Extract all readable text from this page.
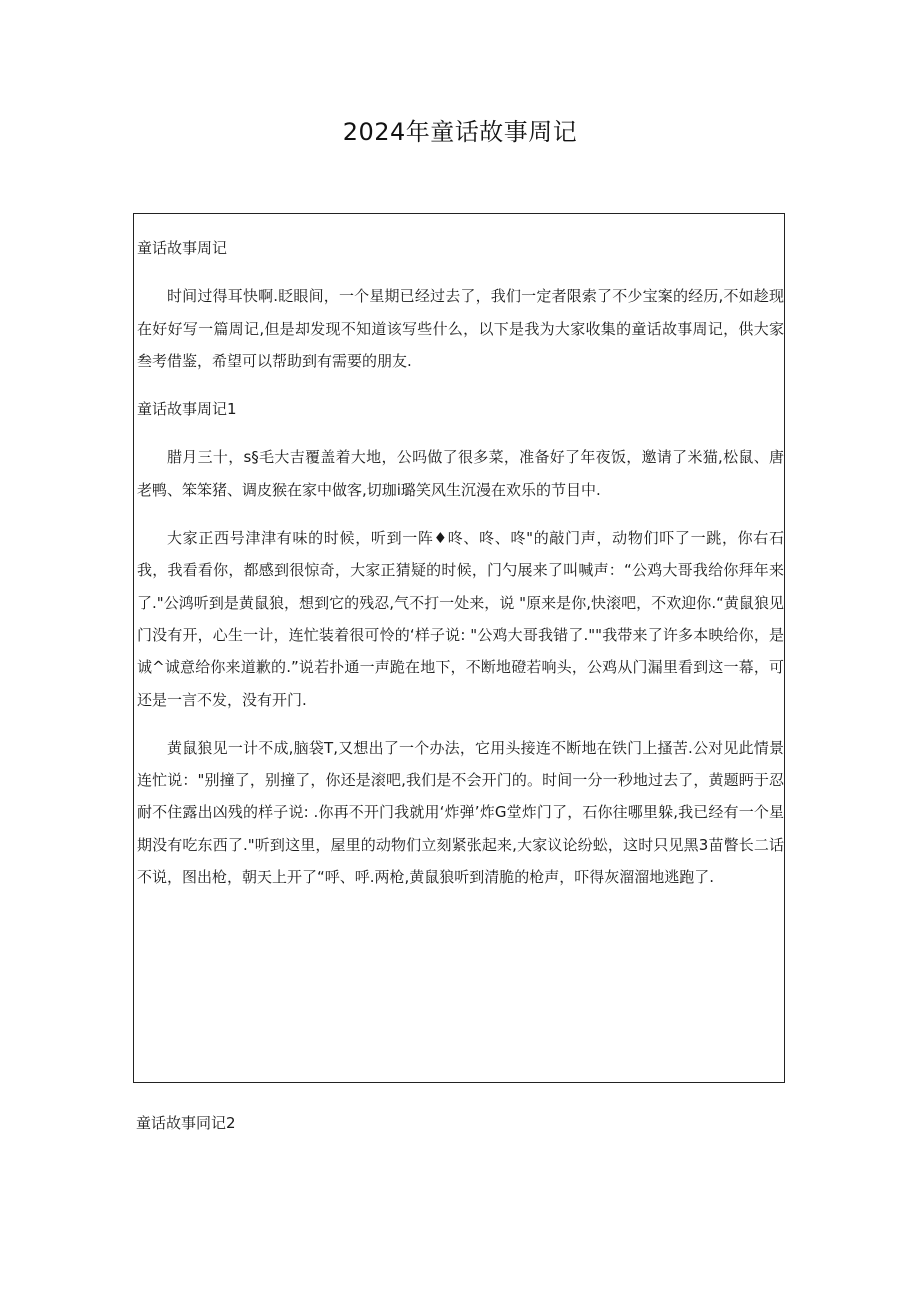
2024年童话故事周记

童话故事周记

时间过得耳快啊.眨眼间，一个星期已经过去了，我们一定者限索了不少宝案的经历,不如趁现在好好写一篇周记,但是却发现不知道该写些什么，以下是我为大家收集的童话故事周记，供大家叁考借鉴，希望可以帮助到有需要的朋友.

童话故事周记1

腊月三十，s§毛大吉覆盖着大地，公吗做了很多菜，准备好了年夜饭，邀请了米猫,松鼠、唐老鸭、笨笨猪、调皮猴在家中做客,切珈i璐笑风生沉漫在欢乐的节目中.

大家正西号津津有味的时候，听到一阵♦咚、咚、咚"的敲门声，动物们吓了一跳，你右石我，我看看你，都感到很惊奇，大家正猜疑的时候，门勺展来了叫喊声：“公鸡大哥我给你拜年来了."公鸿听到是黄鼠狼，想到它的残忍,气不打一处来，说 "原来是你,快滚吧，不欢迎你.“黄鼠狼见门没有开，心生一计，连忙装着很可怜的‘样子说: "公鸡大哥我错了.""我带来了许多本映给你，是诚^诚意给你来道歉的.”说若扑通一声跪在地下，不断地磴若响头，公鸡从门漏里看到这一幕，可还是一言不发，没有开门.

黄鼠狼见一计不成,脑袋T,又想出了一个办法，它用头接连不断地在铁门上搔苦.公对见此情景连忙说："别撞了，别撞了，你还是滚吧,我们是不会开门的。时间一分一秒地过去了，黄题眄于忍耐不住露出凶残的样子说: .你再不开门我就用‘炸弹’炸G堂炸门了，石你往哪里躲,我已经有一个星期没有吃东西了."听到这里，屋里的动物们立刻紧张起来,大家议论纷蚣，这时只见黑3苗瞥长二话不说，图出枪，朝天上开了“呼、呼.两枪,黄鼠狼听到清脆的枪声，吓得灰溜溜地逃跑了.

童话故事同记2
